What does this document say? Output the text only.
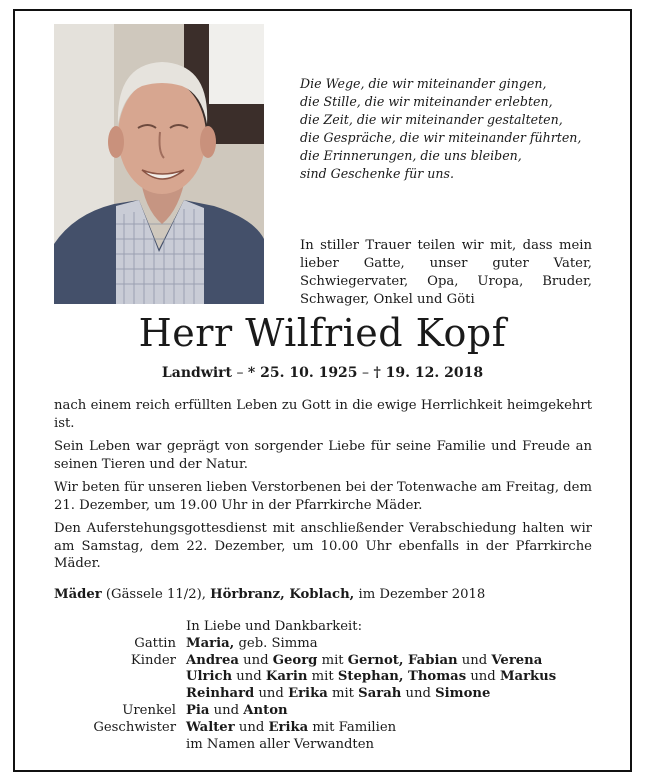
Die Wege, die wir miteinander gingen,
die Stille, die wir miteinander erlebten,
die Zeit, die wir miteinander gestalteten,
die Gespräche, die wir miteinander führten,
die Erinnerungen, die uns bleiben,
sind Geschenke für uns.
In stiller Trauer teilen wir mit, dass mein lieber Gatte, unser guter Vater, Schwiegervater, Opa, Uropa, Bruder, Schwager, Onkel und Göti
Herr Wilfried Kopf
Landwirt – * 25. 10. 1925 – † 19. 12. 2018

nach einem reich erfüllten Leben zu Gott in die ewige Herrlichkeit heimgekehrt ist.

Sein Leben war geprägt von sorgender Liebe für seine Familie und Freude an seinen Tieren und der Natur.

Wir beten für unseren lieben Verstorbenen bei der Totenwache am Freitag, dem 21. Dezember, um 19.00 Uhr in der Pfarrkirche Mäder.

Den Auferstehungsgottesdienst mit anschließender Verabschiedung halten wir am Samstag, dem 22. Dezember, um 10.00 Uhr ebenfalls in der Pfarrkirche Mäder.

Mäder (Gässele 11/2), Hörbranz, Koblach, im Dezember 2018
In Liebe und Dankbarkeit:
Gattin Maria, geb. Simma
Kinder Andrea und Georg mit Gernot, Fabian und Verena
Ulrich und Karin mit Stephan, Thomas und Markus
Reinhard und Erika mit Sarah und Simone
Urenkel Pia und Anton
Geschwister Walter und Erika mit Familien
im Namen aller Verwandten
